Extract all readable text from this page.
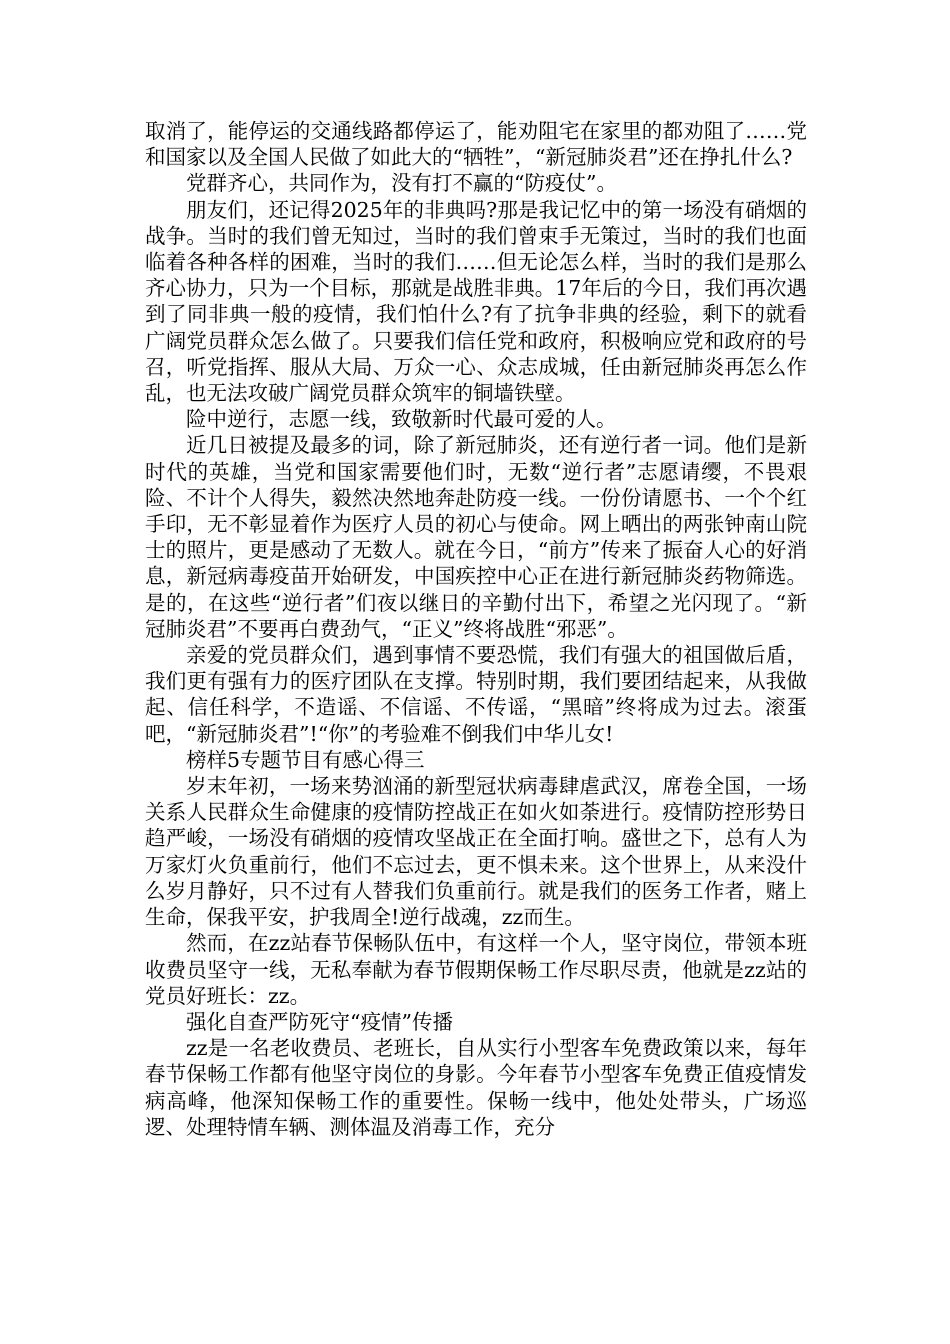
取消了，能停运的交通线路都停运了，能劝阻宅在家里的都劝阻了……党和国家以及全国人民做了如此大的“牺牲”，“新冠肺炎君”还在挣扎什么?

党群齐心，共同作为，没有打不赢的“防疫仗”。

朋友们，还记得2025年的非典吗?那是我记忆中的第一场没有硝烟的战争。当时的我们曾无知过，当时的我们曾束手无策过，当时的我们也面临着各种各样的困难，当时的我们……但无论怎么样，当时的我们是那么齐心协力，只为一个目标，那就是战胜非典。17年后的今日，我们再次遇到了同非典一般的疫情，我们怕什么?有了抗争非典的经验，剩下的就看广阔党员群众怎么做了。只要我们信任党和政府，积极响应党和政府的号召，听党指挥、服从大局、万众一心、众志成城，任由新冠肺炎再怎么作乱，也无法攻破广阔党员群众筑牢的铜墙铁壁。

险中逆行，志愿一线，致敬新时代最可爱的人。

近几日被提及最多的词，除了新冠肺炎，还有逆行者一词。他们是新时代的英雄，当党和国家需要他们时，无数“逆行者”志愿请缨，不畏艰险、不计个人得失，毅然决然地奔赴防疫一线。一份份请愿书、一个个红手印，无不彰显着作为医疗人员的初心与使命。网上晒出的两张钟南山院士的照片，更是感动了无数人。就在今日，“前方”传来了振奋人心的好消息，新冠病毒疫苗开始研发，中国疾控中心正在进行新冠肺炎药物筛选。是的，在这些“逆行者”们夜以继日的辛勤付出下，希望之光闪现了。“新冠肺炎君”不要再白费劲气，“正义”终将战胜“邪恶”。

亲爱的党员群众们，遇到事情不要恐慌，我们有强大的祖国做后盾，我们更有强有力的医疗团队在支撑。特别时期，我们要团结起来，从我做起、信任科学，不造谣、不信谣、不传谣，“黑暗”终将成为过去。滚蛋吧，“新冠肺炎君”!“你”的考验难不倒我们中华儿女!

榜样5专题节目有感心得三

岁末年初，一场来势汹涌的新型冠状病毒肆虐武汉，席卷全国，一场关系人民群众生命健康的疫情防控战正在如火如荼进行。疫情防控形势日趋严峻，一场没有硝烟的疫情攻坚战正在全面打响。盛世之下，总有人为万家灯火负重前行，他们不忘过去，更不惧未来。这个世界上，从来没什么岁月静好，只不过有人替我们负重前行。就是我们的医务工作者，赌上生命，保我平安，护我周全!逆行战魂，zz而生。

然而，在zz站春节保畅队伍中，有这样一个人，坚守岗位，带领本班收费员坚守一线，无私奉献为春节假期保畅工作尽职尽责，他就是zz站的党员好班长：zz。

强化自查严防死守“疫情”传播

zz是一名老收费员、老班长，自从实行小型客车免费政策以来，每年春节保畅工作都有他坚守岗位的身影。今年春节小型客车免费正值疫情发病高峰，他深知保畅工作的重要性。保畅一线中，他处处带头，广场巡逻、处理特情车辆、测体温及消毒工作，充分
